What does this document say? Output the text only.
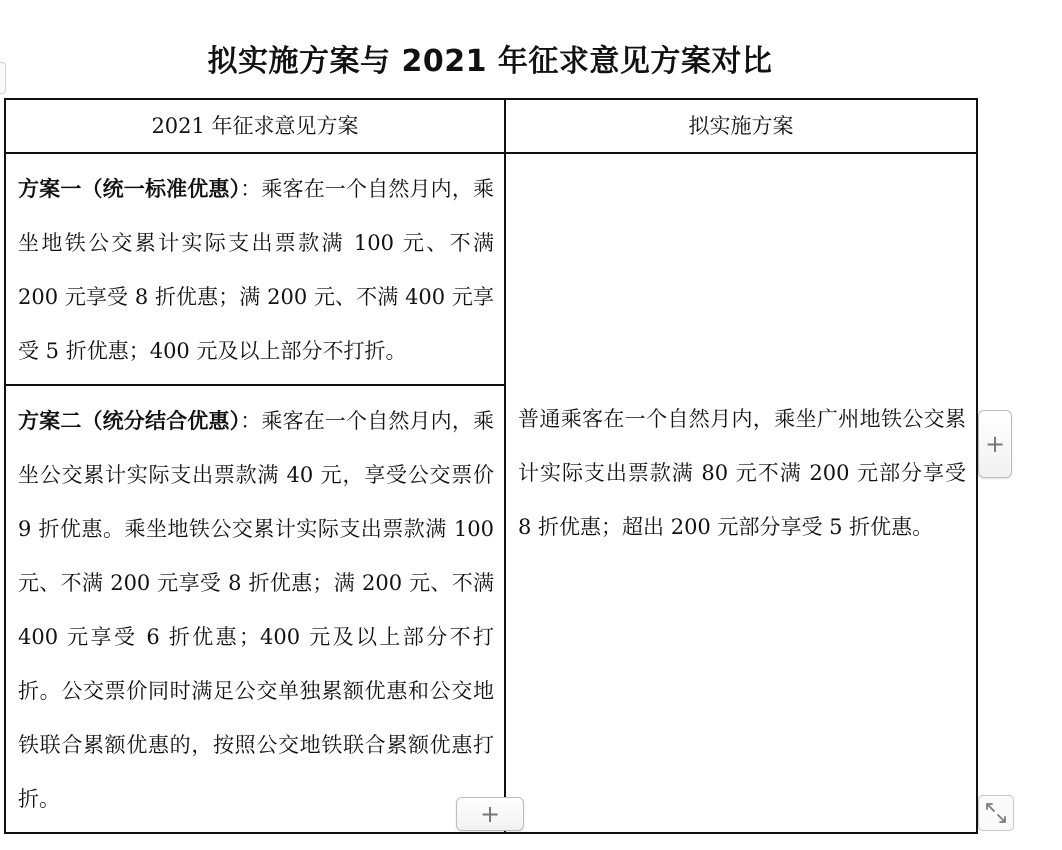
拟实施方案与 2021 年征求意见方案对比
2021 年征求意见方案	拟实施方案
方案一（统一标准优惠）：乘客在一个自然月内，乘坐地铁公交累计实际支出票款满 100 元、不满 200 元享受 8 折优惠；满 200 元、不满 400 元享受 5 折优惠；400 元及以上部分不打折。	普通乘客在一个自然月内，乘坐广州地铁公交累计实际支出票款满 80 元不满 200 元部分享受 8 折优惠；超出 200 元部分享受 5 折优惠。
方案二（统分结合优惠）：乘客在一个自然月内，乘坐公交累计实际支出票款满 40 元，享受公交票价 9 折优惠。乘坐地铁公交累计实际支出票款满 100 元、不满 200 元享受 8 折优惠；满 200 元、不满 400 元享受 6 折优惠；400 元及以上部分不打折。公交票价同时满足公交单独累额优惠和公交地铁联合累额优惠的，按照公交地铁联合累额优惠打折。	
+
+
